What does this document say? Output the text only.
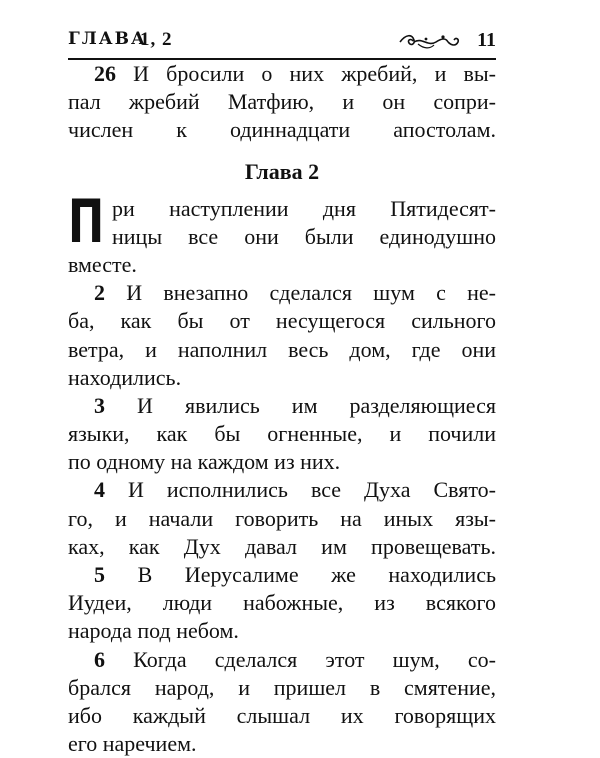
ГЛАВА
1, 2	11
26 И бросили о них жребий, и вы-
пал жребий Матфию, и он сопри-
числен к одиннадцати апостолам.
Глава 2
П ри наступлении дня Пятидесят-
ницы все они были единодушно
вместе.
2 И внезапно сделался шум с не-
ба, как бы от несущегося сильного
ветра, и наполнил весь дом, где они
находились.
3 И явились им разделяющиеся
языки, как бы огненные, и почили
по одному на каждом из них.
4 И исполнились все Духа Свято-
го, и начали говорить на иных язы-
ках, как Дух давал им провещевать.
5 В Иерусалиме же находились
Иудеи, люди набожные, из всякого
народа под небом.
6 Когда сделался этот шум, со-
брался народ, и пришел в смятение,
ибо каждый слышал их говорящих
его наречием.
